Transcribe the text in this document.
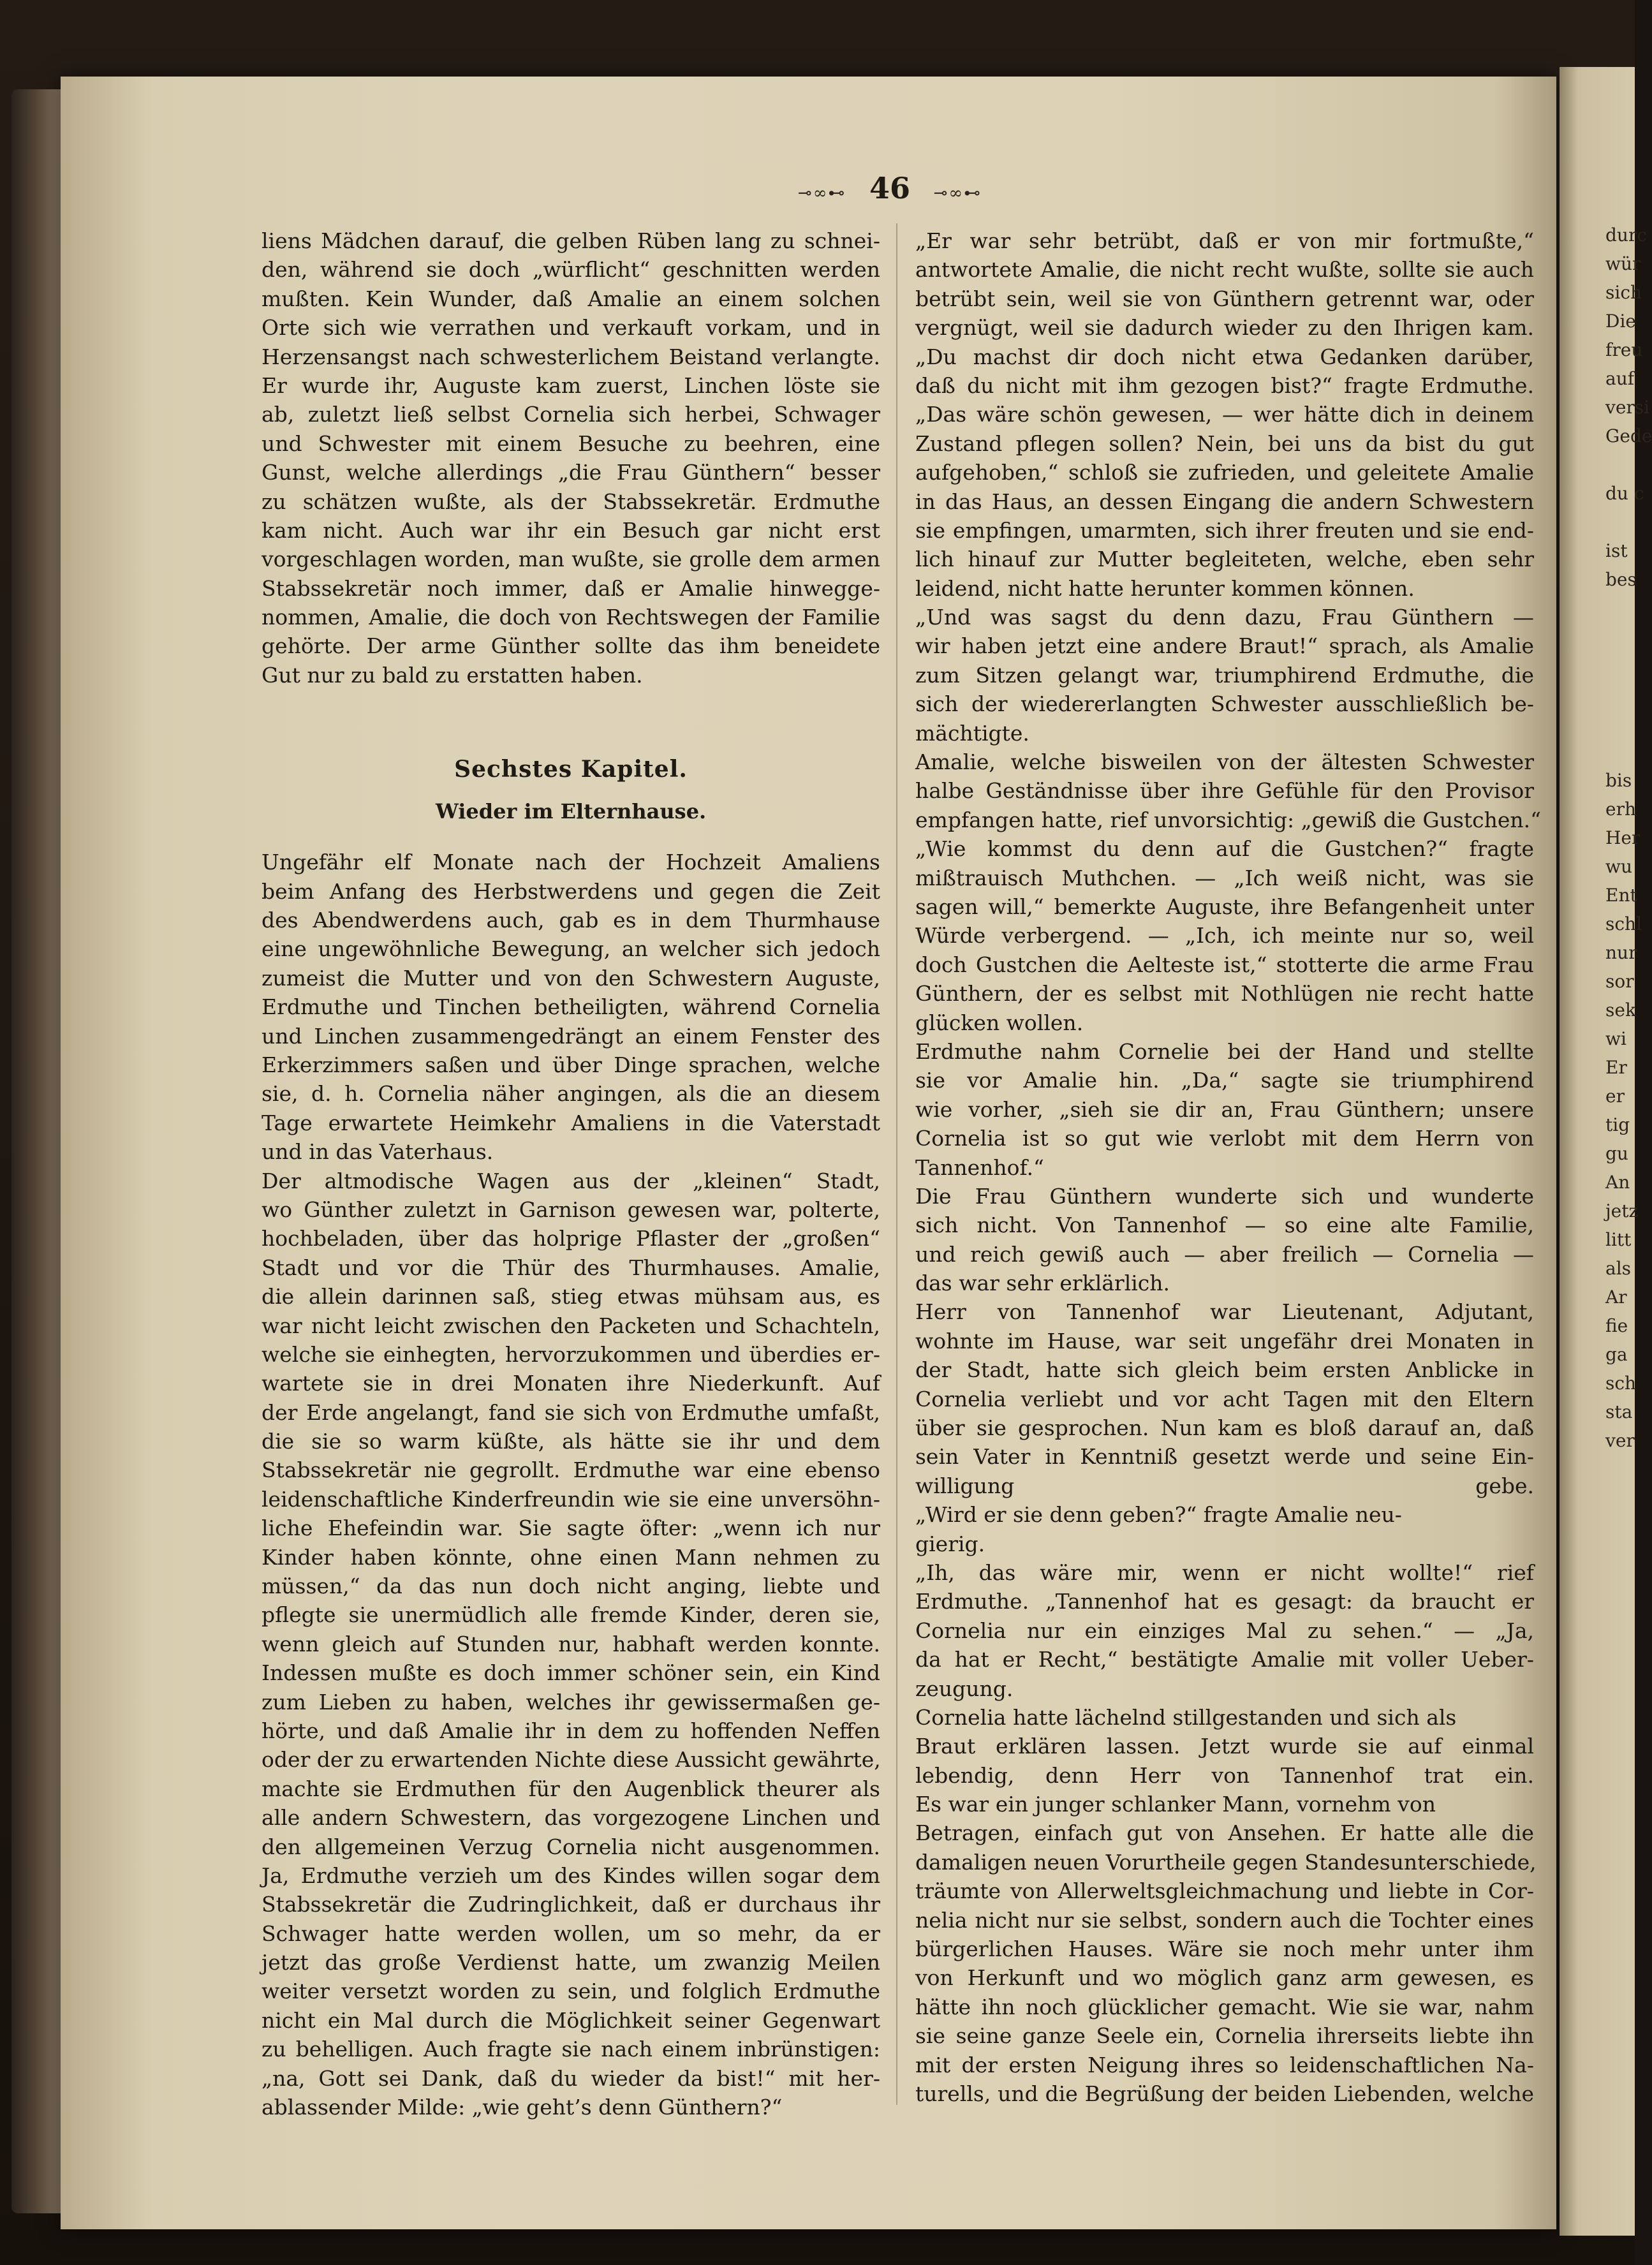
durc
wür
sich
Die
freu
auf
versi
Gede
du c
ist
bes
bis
erh
Her
wu
Ent
schl
nur
sor
sek
wi
Er
er
tig
gu
An
jetz
litt
als
Ar
fie
ga
sch
sta
ver
⊸∞⊷ 46 ⊸∞⊷
liens Mädchen darauf, die gelben Rüben lang zu schnei-
den, während sie doch „würflicht“ geschnitten werden
mußten. Kein Wunder, daß Amalie an einem solchen
Orte sich wie verrathen und verkauft vorkam, und in
Herzensangst nach schwesterlichem Beistand verlangte.
Er wurde ihr, Auguste kam zuerst, Linchen löste sie
ab, zuletzt ließ selbst Cornelia sich herbei, Schwager
und Schwester mit einem Besuche zu beehren, eine
Gunst, welche allerdings „die Frau Günthern“ besser
zu schätzen wußte, als der Stabssekretär. Erdmuthe
kam nicht. Auch war ihr ein Besuch gar nicht erst
vorgeschlagen worden, man wußte, sie grolle dem armen
Stabssekretär noch immer, daß er Amalie hinwegge-
nommen, Amalie, die doch von Rechtswegen der Familie
gehörte. Der arme Günther sollte das ihm beneidete
Gut nur zu bald zu erstatten haben.
Sechstes Kapitel.
Wieder im Elternhause.
Ungefähr elf Monate nach der Hochzeit Amaliens
beim Anfang des Herbstwerdens und gegen die Zeit
des Abendwerdens auch, gab es in dem Thurmhause
eine ungewöhnliche Bewegung, an welcher sich jedoch
zumeist die Mutter und von den Schwestern Auguste,
Erdmuthe und Tinchen betheiligten, während Cornelia
und Linchen zusammengedrängt an einem Fenster des
Erkerzimmers saßen und über Dinge sprachen, welche
sie, d. h. Cornelia näher angingen, als die an diesem
Tage erwartete Heimkehr Amaliens in die Vaterstadt
und in das Vaterhaus.
Der altmodische Wagen aus der „kleinen“ Stadt,
wo Günther zuletzt in Garnison gewesen war, polterte,
hochbeladen, über das holprige Pflaster der „großen“
Stadt und vor die Thür des Thurmhauses. Amalie,
die allein darinnen saß, stieg etwas mühsam aus, es
war nicht leicht zwischen den Packeten und Schachteln,
welche sie einhegten, hervorzukommen und überdies er-
wartete sie in drei Monaten ihre Niederkunft. Auf
der Erde angelangt, fand sie sich von Erdmuthe umfaßt,
die sie so warm küßte, als hätte sie ihr und dem
Stabssekretär nie gegrollt. Erdmuthe war eine ebenso
leidenschaftliche Kinderfreundin wie sie eine unversöhn-
liche Ehefeindin war. Sie sagte öfter: „wenn ich nur
Kinder haben könnte, ohne einen Mann nehmen zu
müssen,“ da das nun doch nicht anging, liebte und
pflegte sie unermüdlich alle fremde Kinder, deren sie,
wenn gleich auf Stunden nur, habhaft werden konnte.
Indessen mußte es doch immer schöner sein, ein Kind
zum Lieben zu haben, welches ihr gewissermaßen ge-
hörte, und daß Amalie ihr in dem zu hoffenden Neffen
oder der zu erwartenden Nichte diese Aussicht gewährte,
machte sie Erdmuthen für den Augenblick theurer als
alle andern Schwestern, das vorgezogene Linchen und
den allgemeinen Verzug Cornelia nicht ausgenommen.
Ja, Erdmuthe verzieh um des Kindes willen sogar dem
Stabssekretär die Zudringlichkeit, daß er durchaus ihr
Schwager hatte werden wollen, um so mehr, da er
jetzt das große Verdienst hatte, um zwanzig Meilen
weiter versetzt worden zu sein, und folglich Erdmuthe
nicht ein Mal durch die Möglichkeit seiner Gegenwart
zu behelligen. Auch fragte sie nach einem inbrünstigen:
„na, Gott sei Dank, daß du wieder da bist!“ mit her-
ablassender Milde: „wie geht’s denn Günthern?“
„Er war sehr betrübt, daß er von mir fortmußte,“
antwortete Amalie, die nicht recht wußte, sollte sie auch
betrübt sein, weil sie von Günthern getrennt war, oder
vergnügt, weil sie dadurch wieder zu den Ihrigen kam.
„Du machst dir doch nicht etwa Gedanken darüber,
daß du nicht mit ihm gezogen bist?“ fragte Erdmuthe.
„Das wäre schön gewesen, — wer hätte dich in deinem
Zustand pflegen sollen? Nein, bei uns da bist du gut
aufgehoben,“ schloß sie zufrieden, und geleitete Amalie
in das Haus, an dessen Eingang die andern Schwestern
sie empfingen, umarmten, sich ihrer freuten und sie end-
lich hinauf zur Mutter begleiteten, welche, eben sehr
leidend, nicht hatte herunter kommen können.
„Und was sagst du denn dazu, Frau Günthern —
wir haben jetzt eine andere Braut!“ sprach, als Amalie
zum Sitzen gelangt war, triumphirend Erdmuthe, die
sich der wiedererlangten Schwester ausschließlich be-
mächtigte.
Amalie, welche bisweilen von der ältesten Schwester
halbe Geständnisse über ihre Gefühle für den Provisor
empfangen hatte, rief unvorsichtig: „gewiß die Gustchen.“
„Wie kommst du denn auf die Gustchen?“ fragte
mißtrauisch Muthchen. — „Ich weiß nicht, was sie
sagen will,“ bemerkte Auguste, ihre Befangenheit unter
Würde verbergend. — „Ich, ich meinte nur so, weil
doch Gustchen die Aelteste ist,“ stotterte die arme Frau
Günthern, der es selbst mit Nothlügen nie recht hatte
glücken wollen.
Erdmuthe nahm Cornelie bei der Hand und stellte
sie vor Amalie hin. „Da,“ sagte sie triumphirend
wie vorher, „sieh sie dir an, Frau Günthern; unsere
Cornelia ist so gut wie verlobt mit dem Herrn von
Tannenhof.“
Die Frau Günthern wunderte sich und wunderte
sich nicht. Von Tannenhof — so eine alte Familie,
und reich gewiß auch — aber freilich — Cornelia —
das war sehr erklärlich.
Herr von Tannenhof war Lieutenant, Adjutant,
wohnte im Hause, war seit ungefähr drei Monaten in
der Stadt, hatte sich gleich beim ersten Anblicke in
Cornelia verliebt und vor acht Tagen mit den Eltern
über sie gesprochen. Nun kam es bloß darauf an, daß
sein Vater in Kenntniß gesetzt werde und seine Ein-
willigung gebe.
„Wird er sie denn geben?“ fragte Amalie neu-
gierig.
„Ih, das wäre mir, wenn er nicht wollte!“ rief
Erdmuthe. „Tannenhof hat es gesagt: da braucht er
Cornelia nur ein einziges Mal zu sehen.“ — „Ja,
da hat er Recht,“ bestätigte Amalie mit voller Ueber-
zeugung.
Cornelia hatte lächelnd stillgestanden und sich als
Braut erklären lassen. Jetzt wurde sie auf einmal
lebendig, denn Herr von Tannenhof trat ein.
Es war ein junger schlanker Mann, vornehm von
Betragen, einfach gut von Ansehen. Er hatte alle die
damaligen neuen Vorurtheile gegen Standesunterschiede,
träumte von Allerweltsgleichmachung und liebte in Cor-
nelia nicht nur sie selbst, sondern auch die Tochter eines
bürgerlichen Hauses. Wäre sie noch mehr unter ihm
von Herkunft und wo möglich ganz arm gewesen, es
hätte ihn noch glücklicher gemacht. Wie sie war, nahm
sie seine ganze Seele ein, Cornelia ihrerseits liebte ihn
mit der ersten Neigung ihres so leidenschaftlichen Na-
turells, und die Begrüßung der beiden Liebenden, welche
